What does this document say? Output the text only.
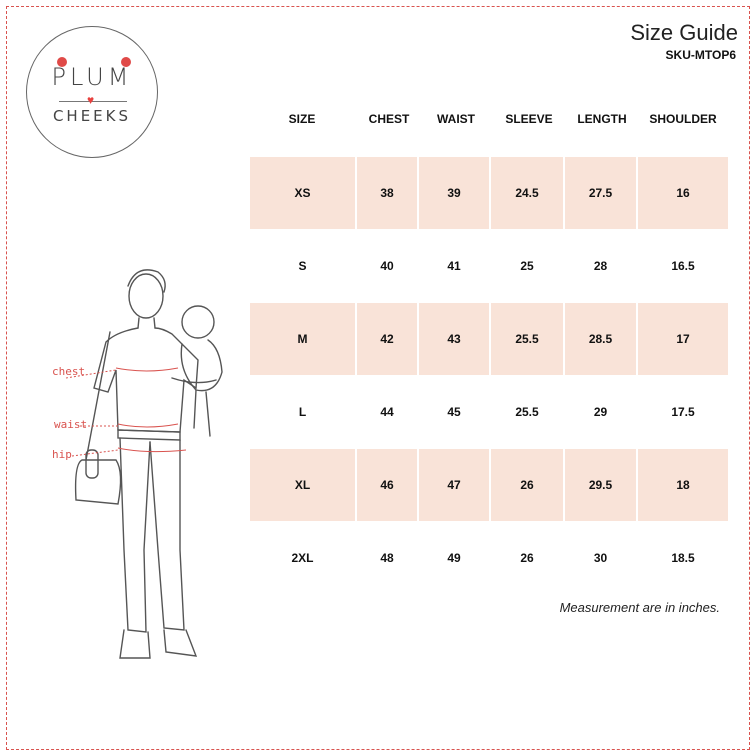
PLUM
♥
CHEEKS
Size Guide
SKU-MTOP6
SIZE	CHEST	WAIST	SLEEVE	LENGTH	SHOULDER
XS	38	39	24.5	27.5	16
S	40	41	25	28	16.5
M	42	43	25.5	28.5	17
L	44	45	25.5	29	17.5
XL	46	47	26	29.5	18
2XL	48	49	26	30	18.5
chest
waist
hip
Measurement are in inches.
